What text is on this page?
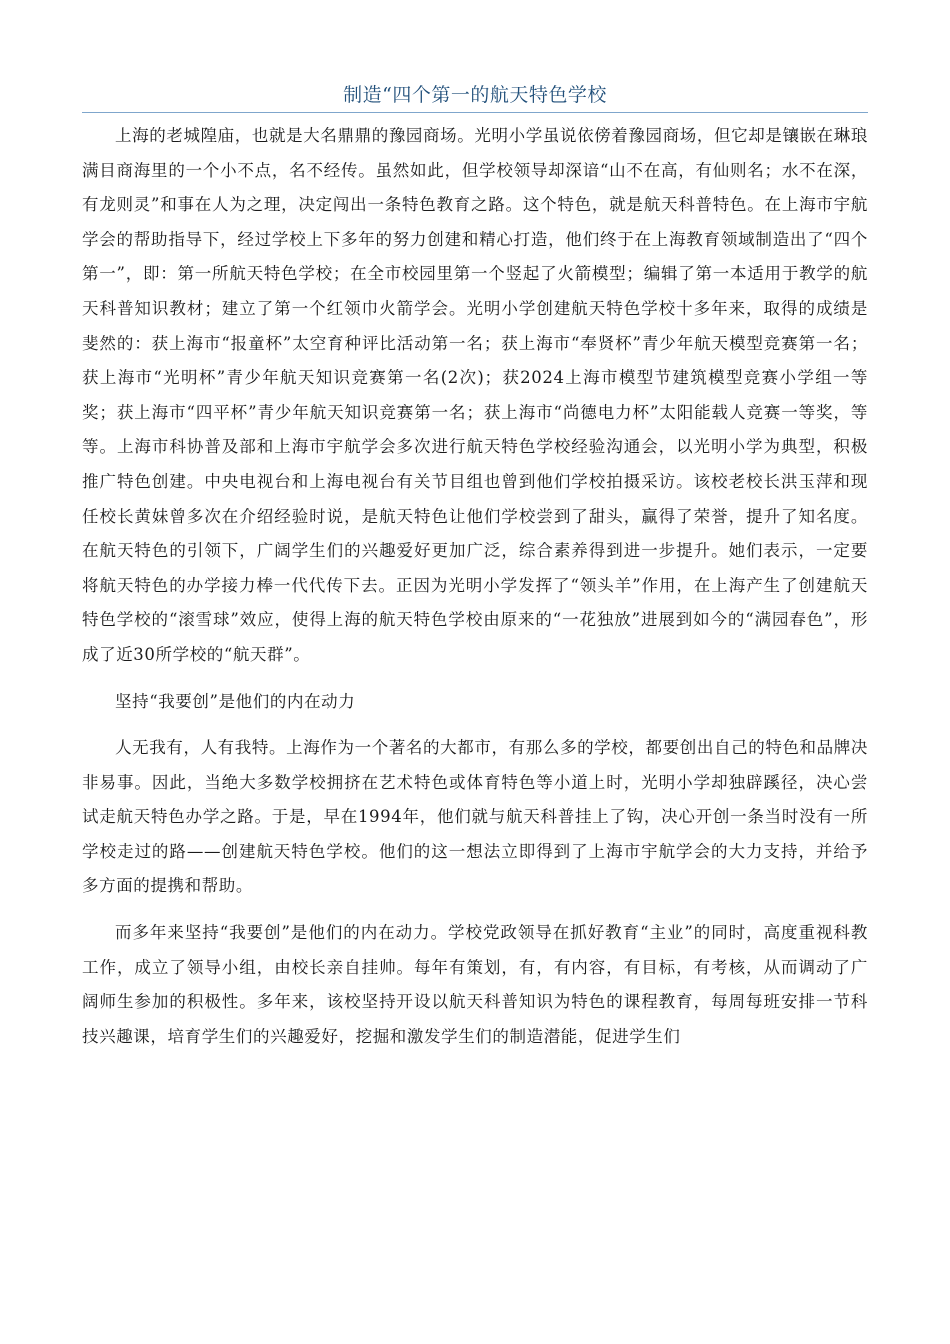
制造“四个第一的航天特色学校

上海的老城隍庙，也就是大名鼎鼎的豫园商场。光明小学虽说依傍着豫园商场，但它却是镶嵌在琳琅满目商海里的一个小不点，名不经传。虽然如此，但学校领导却深谙“山不在高，有仙则名；水不在深，有龙则灵”和事在人为之理，决定闯出一条特色教育之路。这个特色，就是航天科普特色。在上海市宇航学会的帮助指导下，经过学校上下多年的努力创建和精心打造，他们终于在上海教育领域制造出了“四个第一”，即：第一所航天特色学校；在全市校园里第一个竖起了火箭模型；编辑了第一本适用于教学的航天科普知识教材；建立了第一个红领巾火箭学会。光明小学创建航天特色学校十多年来，取得的成绩是斐然的：获上海市“报童杯”太空育种评比活动第一名；获上海市“奉贤杯”青少年航天模型竞赛第一名；获上海市“光明杯”青少年航天知识竞赛第一名(2次)；获2024上海市模型节建筑模型竞赛小学组一等奖；获上海市“四平杯”青少年航天知识竞赛第一名；获上海市“尚德电力杯”太阳能载人竞赛一等奖，等等。上海市科协普及部和上海市宇航学会多次进行航天特色学校经验沟通会，以光明小学为典型，积极推广特色创建。中央电视台和上海电视台有关节目组也曾到他们学校拍摄采访。该校老校长洪玉萍和现任校长黄妹曾多次在介绍经验时说，是航天特色让他们学校尝到了甜头，赢得了荣誉，提升了知名度。在航天特色的引领下，广阔学生们的兴趣爱好更加广泛，综合素养得到进一步提升。她们表示，一定要将航天特色的办学接力棒一代代传下去。正因为光明小学发挥了“领头羊”作用，在上海产生了创建航天特色学校的“滚雪球”效应，使得上海的航天特色学校由原来的“一花独放”进展到如今的“满园春色”，形成了近30所学校的“航天群”。

坚持“我要创”是他们的内在动力

人无我有，人有我特。上海作为一个著名的大都市，有那么多的学校，都要创出自己的特色和品牌决非易事。因此，当绝大多数学校拥挤在艺术特色或体育特色等小道上时，光明小学却独辟蹊径，决心尝试走航天特色办学之路。于是，早在1994年，他们就与航天科普挂上了钩，决心开创一条当时没有一所学校走过的路——创建航天特色学校。他们的这一想法立即得到了上海市宇航学会的大力支持，并给予多方面的提携和帮助。

而多年来坚持“我要创”是他们的内在动力。学校党政领导在抓好教育“主业”的同时，高度重视科教工作，成立了领导小组，由校长亲自挂帅。每年有策划，有，有内容，有目标，有考核，从而调动了广阔师生参加的积极性。多年来，该校坚持开设以航天科普知识为特色的课程教育，每周每班安排一节科技兴趣课，培育学生们的兴趣爱好，挖掘和激发学生们的制造潜能，促进学生们
